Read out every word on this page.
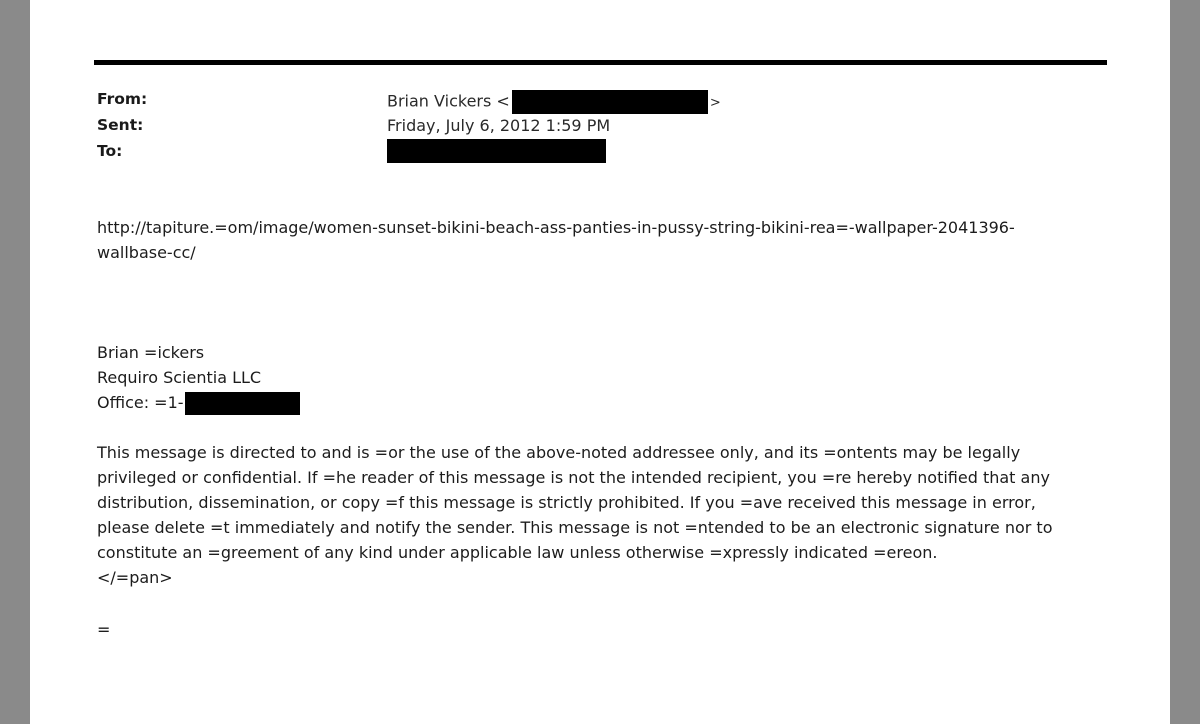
From:
Sent:
To:
Brian Vickers <	>
Friday, July 6, 2012 1:59 PM
http://tapiture.=om/image/women-sunset-bikini-beach-ass-panties-in-pussy-string-bikini-rea=-wallpaper-2041396-
wallbase-cc/
Brian =ickers
Requiro Scientia LLC
Office: =1-
This message is directed to and is =or the use of the above-noted addressee only, and its =ontents may be legally
privileged or confidential. If =he reader of this message is not the intended recipient, you =re hereby notified that any
distribution, dissemination, or copy =f this message is strictly prohibited. If you =ave received this message in error,
please delete =t immediately and notify the sender. This message is not =ntended to be an electronic signature nor to
constitute an =greement of any kind under applicable law unless otherwise =xpressly indicated =ereon.
</=pan>
=
